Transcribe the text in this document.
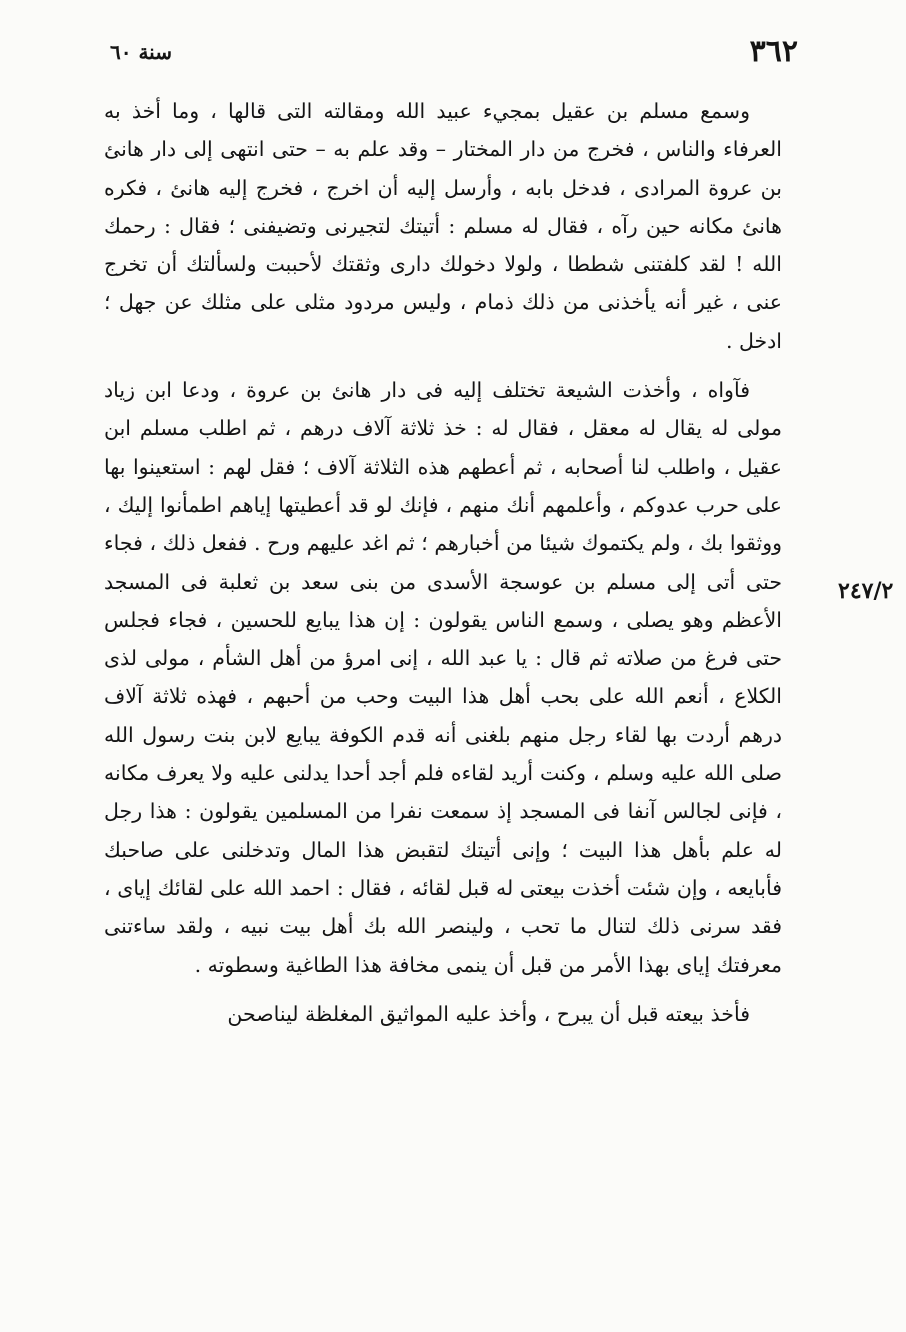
٣٦٢
سنة ٦٠
٢٤٧/٢

وسمع مسلم بن عقيل بمجيء عبيد الله ومقالته التى قالها ، وما أخذ به العرفاء والناس ، فخرج من دار المختار – وقد علم به – حتى انتهى إلى دار هانئ بن عروة المرادى ، فدخل بابه ، وأرسل إليه أن اخرج ، فخرج إليه هانئ ، فكره هانئ مكانه حين رآه ، فقال له مسلم : أتيتك لتجيرنى وتضيفنى ؛ فقال : رحمك الله ! لقد كلفتنى شططا ، ولولا دخولك دارى وثقتك لأحببت ولسألتك أن تخرج عنى ، غير أنه يأخذنى من ذلك ذمام ، وليس مردود مثلى على مثلك عن جهل ؛ ادخل .

فآواه ، وأخذت الشيعة تختلف إليه فى دار هانئ بن عروة ، ودعا ابن زياد مولى له يقال له معقل ، فقال له : خذ ثلاثة آلاف درهم ، ثم اطلب مسلم ابن عقيل ، واطلب لنا أصحابه ، ثم أعطهم هذه الثلاثة آلاف ؛ فقل لهم : استعينوا بها على حرب عدوكم ، وأعلمهم أنك منهم ، فإنك لو قد أعطيتها إياهم اطمأنوا إليك ، ووثقوا بك ، ولم يكتموك شيئا من أخبارهم ؛ ثم اغد عليهم ورح . ففعل ذلك ، فجاء حتى أتى إلى مسلم بن عوسجة الأسدى من بنى سعد بن ثعلبة فى المسجد الأعظم وهو يصلى ، وسمع الناس يقولون : إن هذا يبايع للحسين ، فجاء فجلس حتى فرغ من صلاته ثم قال : يا عبد الله ، إنى امرؤ من أهل الشأم ، مولى لذى الكلاع ، أنعم الله على بحب أهل هذا البيت وحب من أحبهم ، فهذه ثلاثة آلاف درهم أردت بها لقاء رجل منهم بلغنى أنه قدم الكوفة يبايع لابن بنت رسول الله صلى الله عليه وسلم ، وكنت أريد لقاءه فلم أجد أحدا يدلنى عليه ولا يعرف مكانه ، فإنى لجالس آنفا فى المسجد إذ سمعت نفرا من المسلمين يقولون : هذا رجل له علم بأهل هذا البيت ؛ وإنى أتيتك لتقبض هذا المال وتدخلنى على صاحبك فأبايعه ، وإن شئت أخذت بيعتى له قبل لقائه ، فقال : احمد الله على لقائك إياى ، فقد سرنى ذلك لتنال ما تحب ، ولينصر الله بك أهل بيت نبيه ، ولقد ساءتنى معرفتك إياى بهذا الأمر من قبل أن ينمى مخافة هذا الطاغية وسطوته .

فأخذ بيعته قبل أن يبرح ، وأخذ عليه المواثيق المغلظة ليناصحن
